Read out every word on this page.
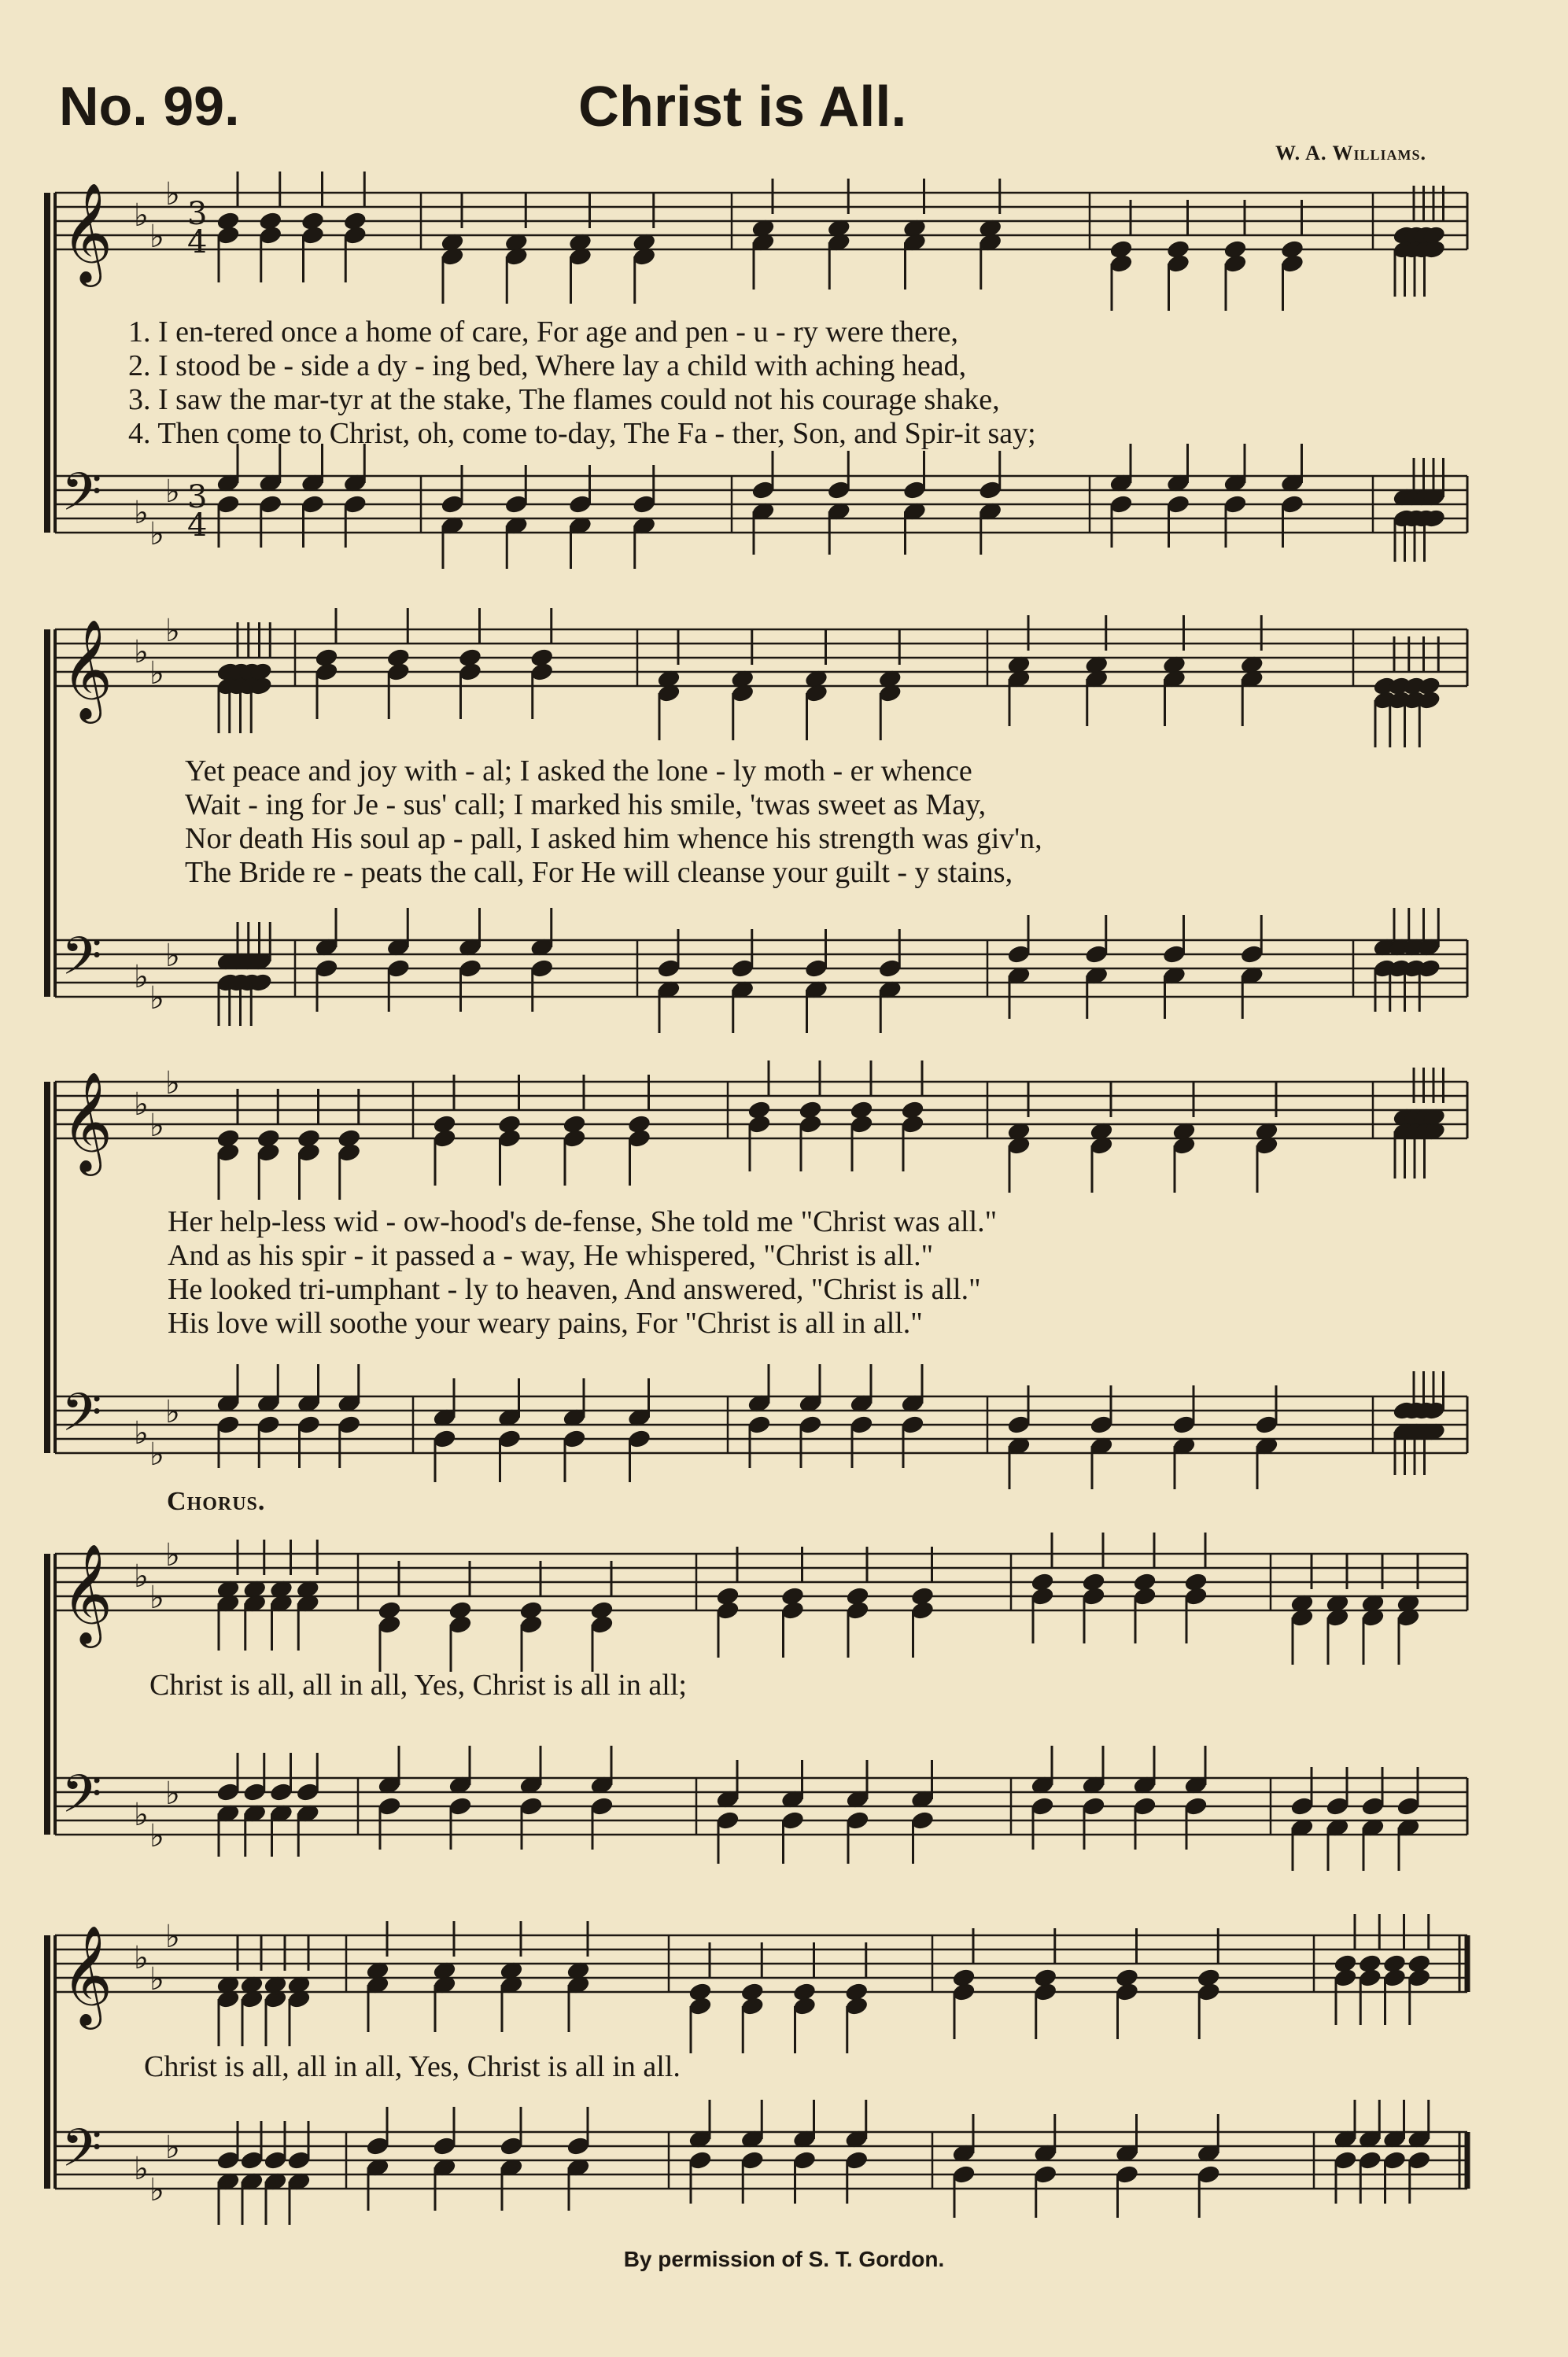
No. 99.	Christ is All.
W. A. Williams.
𝄞
𝄢
♭
♭
♭
♭
♭
♭
𝄞
𝄢
♭
♭
♭
♭
♭
♭
𝄞
𝄢
♭
♭
♭
♭
♭
♭
𝄞
𝄢
♭
♭
♭
♭
♭
♭
𝄞
𝄢
♭
♭
♭
♭
♭
♭
3
4
3
4
1. I en-tered once a home of care, For age and pen - u - ry were there,
2. I stood be - side a dy - ing bed, Where lay a child with aching head,
3. I saw the mar-tyr at the stake, The flames could not his courage shake,
4. Then come to Christ, oh, come to-day, The Fa - ther, Son, and Spir-it say;
Yet peace and joy with - al; I asked the lone - ly moth - er whence
Wait - ing for Je - sus' call; I marked his smile, 'twas sweet as May,
Nor death His soul ap - pall, I asked him whence his strength was giv'n,
The Bride re - peats the call, For He will cleanse your guilt - y stains,
Her help-less wid - ow-hood's de-fense, She told me "Christ was all."
And as his spir - it passed a - way, He whispered, "Christ is all."
He looked tri-umphant - ly to heaven, And answered, "Christ is all."
His love will soothe your weary pains, For "Christ is all in all."
Chorus.
Christ is all, all in all, Yes, Christ is all in all;
Christ is all, all in all, Yes, Christ is all in all.
By permission of S. T. Gordon.
